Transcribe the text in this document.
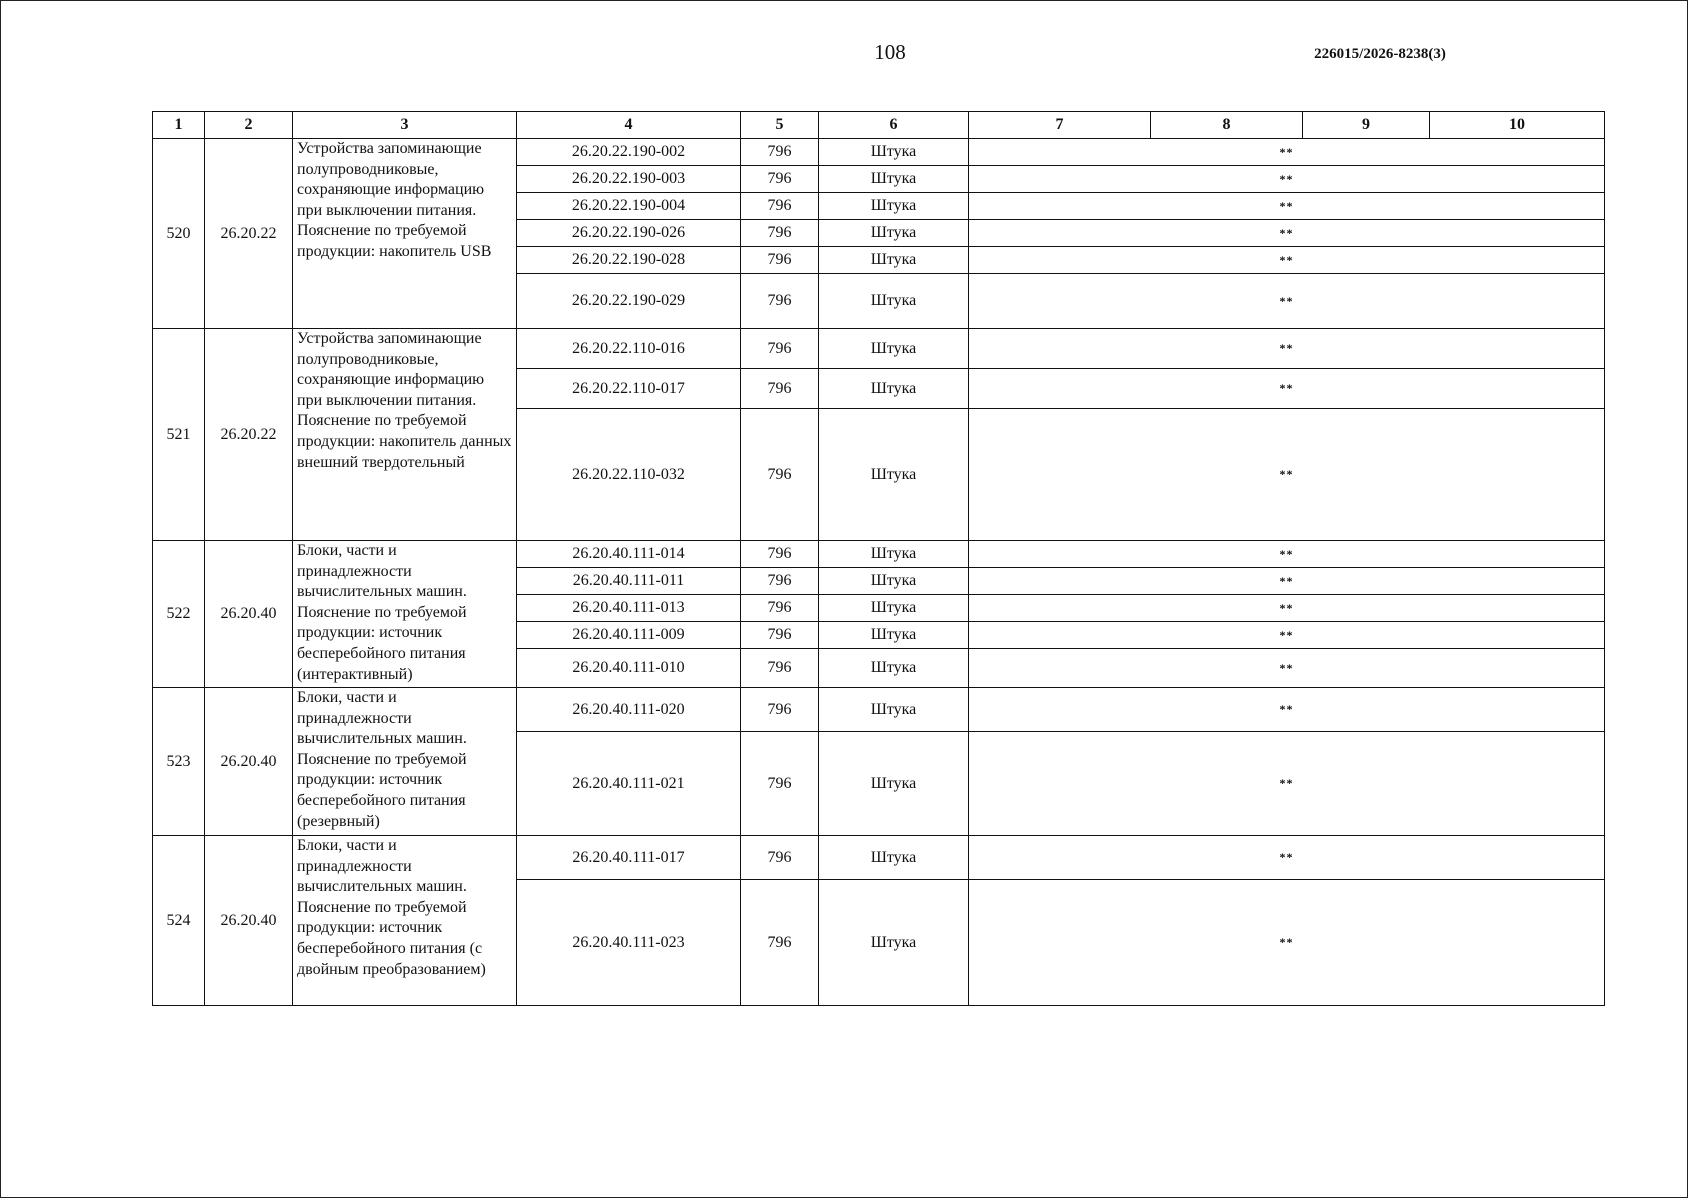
108	226015/2026-8238(3)
1	2	3	4	5	6	7	8	9	10
520	26.20.22	Устройства запоминающие полупроводниковые, сохраняющие информацию при выключении питания. Пояснение по требуемой продукции: накопитель USB	26.20.22.190-002	796	Штука	**			
			26.20.22.190-003	796	Штука	**			
			26.20.22.190-004	796	Штука	**			
			26.20.22.190-026	796	Штука	**			
			26.20.22.190-028	796	Штука	**			
			26.20.22.190-029	796	Штука	**			
521	26.20.22	Устройства запоминающие полупроводниковые, сохраняющие информацию при выключении питания. Пояснение по требуемой продукции: накопитель данных внешний твердотельный	26.20.22.110-016	796	Штука	**			
			26.20.22.110-017	796	Штука	**			
			26.20.22.110-032	796	Штука	**			
522	26.20.40	Блоки, части и принадлежности вычислительных машин. Пояснение по требуемой продукции: источник бесперебойного питания (интерактивный)	26.20.40.111-014	796	Штука	**			
			26.20.40.111-011	796	Штука	**			
			26.20.40.111-013	796	Штука	**			
			26.20.40.111-009	796	Штука	**			
			26.20.40.111-010	796	Штука	**			
523	26.20.40	Блоки, части и принадлежности вычислительных машин. Пояснение по требуемой продукции: источник бесперебойного питания (резервный)	26.20.40.111-020	796	Штука	**			
			26.20.40.111-021	796	Штука	**			
524	26.20.40	Блоки, части и принадлежности вычислительных машин. Пояснение по требуемой продукции: источник бесперебойного питания (с двойным преобразованием)	26.20.40.111-017	796	Штука	**			
			26.20.40.111-023	796	Штука	**			
